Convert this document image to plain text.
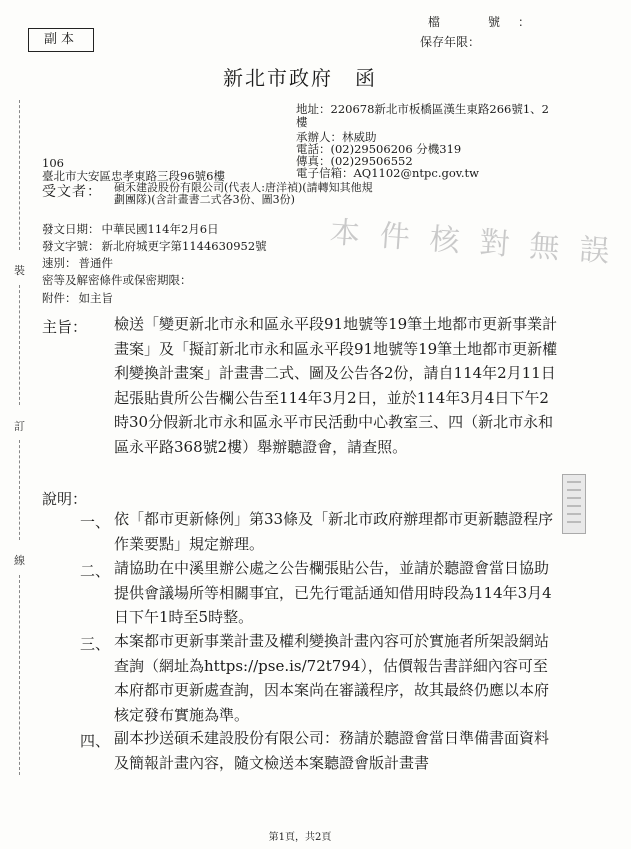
副本
檔　號：
保存年限：
新北市政府　函
地址：220678新北市板橋區漢生東路266號1、2
樓
承辦人：林威助
電話：(02)29506206 分機319
傳真：(02)29506552
電子信箱：AQ1102@ntpc.gov.tw
106
臺北市大安區忠孝東路三段96號6樓
受文者： 碩禾建設股份有限公司(代表人:唐洋禎)(請轉知其他規劃團隊)(含計畫書二式各3份、圖3份)
發文日期： 中華民國114年2月6日
發文字號： 新北府城更字第1144630952號
速別： 普通件
密等及解密條件或保密期限：
附件： 如主旨
本件核對無誤
裝
訂
線
主旨： 檢送「變更新北市永和區永平段91地號等19筆土地都市更新事業計畫案」及「擬訂新北市永和區永平段91地號等19筆土地都市更新權利變換計畫案」計畫書二式、圖及公告各2份，請自114年2月11日起張貼貴所公告欄公告至114年3月2日，並於114年3月4日下午2時30分假新北市永和區永平市民活動中心教室三、四（新北市永和區永平路368號2樓）舉辦聽證會，請查照。
說明：
一、 依「都市更新條例」第33條及「新北市政府辦理都市更新聽證程序作業要點」規定辦理。
二、 請協助在中溪里辦公處之公告欄張貼公告，並請於聽證會當日協助提供會議場所等相關事宜，已先行電話通知借用時段為114年3月4日下午1時至5時整。
三、 本案都市更新事業計畫及權利變換計畫內容可於實施者所架設網站查詢（網址為https://pse.is/72t794），估價報告書詳細內容可至本府都市更新處查詢，因本案尚在審議程序，故其最終仍應以本府核定發布實施為準。
四、 副本抄送碩禾建設股份有限公司：務請於聽證會當日準備書面資料及簡報計畫內容，隨文檢送本案聽證會版計畫書
第1頁，共2頁
